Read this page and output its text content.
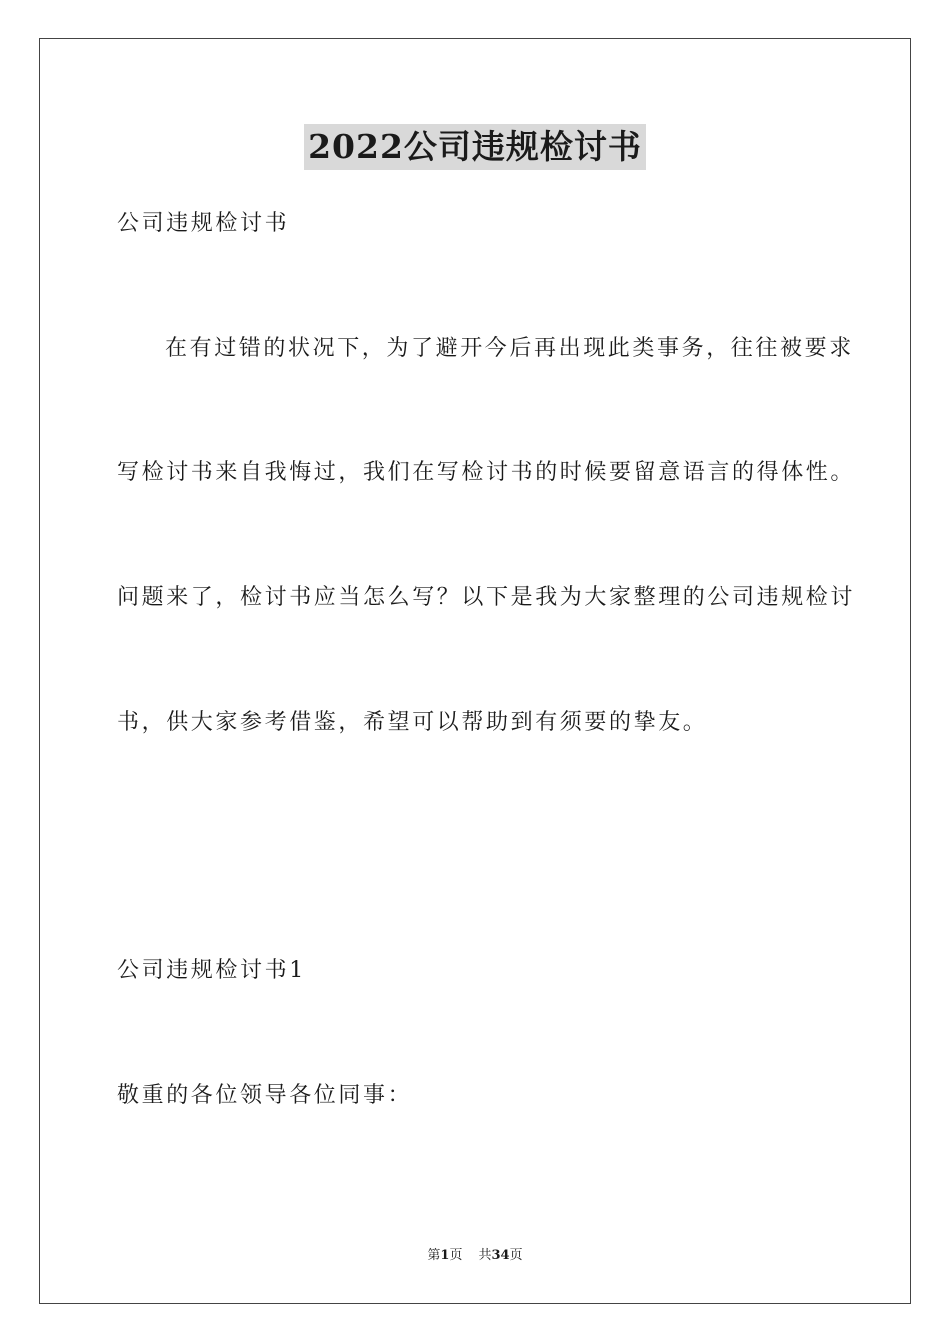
2022公司违规检讨书
公司违规检讨书
在有过错的状况下，为了避开今后再出现此类事务，往往被要求
写检讨书来自我悔过，我们在写检讨书的时候要留意语言的得体性。
问题来了，检讨书应当怎么写？以下是我为大家整理的公司违规检讨
书，供大家参考借鉴，希望可以帮助到有须要的挚友。
公司违规检讨书1
敬重的各位领导各位同事：
第1页 共34页
